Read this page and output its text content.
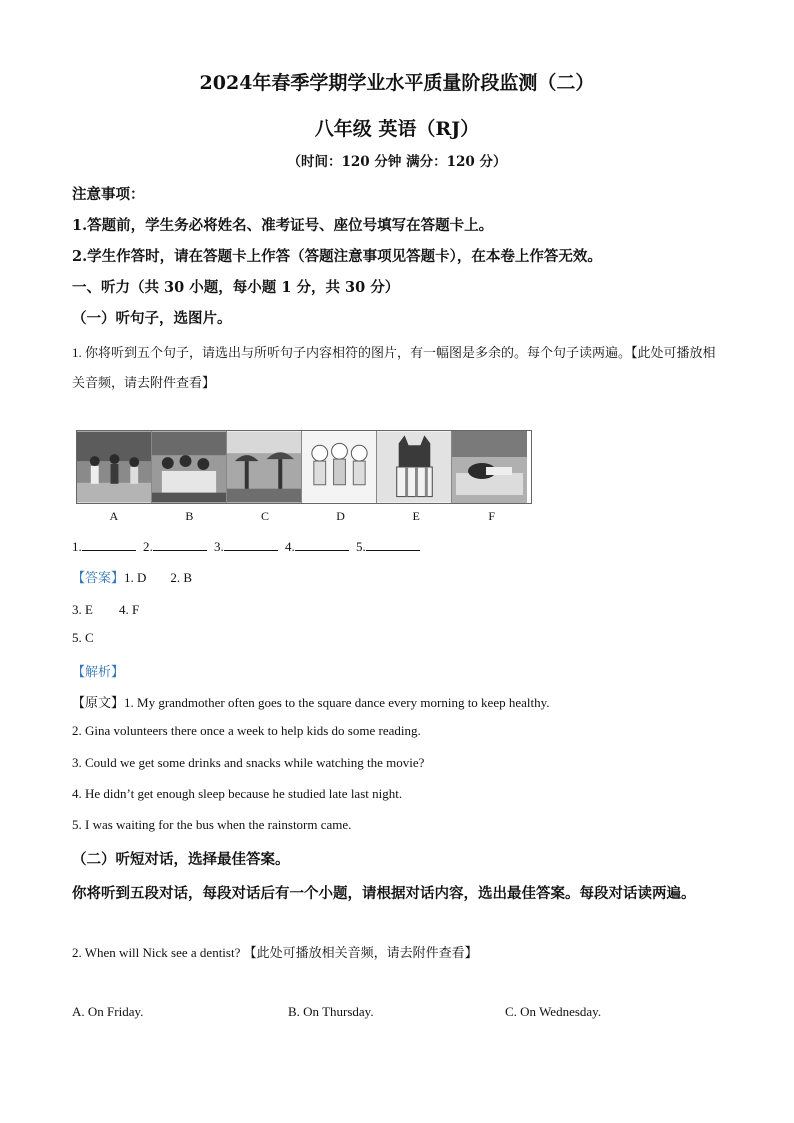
2024年春季学期学业水平质量阶段监测（二）
八年级 英语（RJ）
（时间：120 分钟 满分：120 分）
注意事项：
1.答题前，学生务必将姓名、准考证号、座位号填写在答题卡上。
2.学生作答时，请在答题卡上作答（答题注意事项见答题卡），在本卷上作答无效。
一、听力（共 30 小题，每小题 1 分，共 30 分）
（一）听句子，选图片。
1. 你将听到五个句子，请选出与所听句子内容相符的图片，有一幅图是多余的。每个句子读两遍。【此处可播放相关音频，请去附件查看】
A	B	C	D	E	F
1.	2.	3.	4.	5.
【答案】1. D 2. B
3. E 4. F
5. C
【解析】
【原文】1. My grandmother often goes to the square dance every morning to keep healthy.
2. Gina volunteers there once a week to help kids do some reading.
3. Could we get some drinks and snacks while watching the movie?
4. He didn’t get enough sleep because he studied late last night.
5. I was waiting for the bus when the rainstorm came.
（二）听短对话，选择最佳答案。
你将听到五段对话，每段对话后有一个小题，请根据对话内容，选出最佳答案。每段对话读两遍。
2. When will Nick see a dentist? 【此处可播放相关音频，请去附件查看】
A. On Friday.	B. On Thursday.	C. On Wednesday.
